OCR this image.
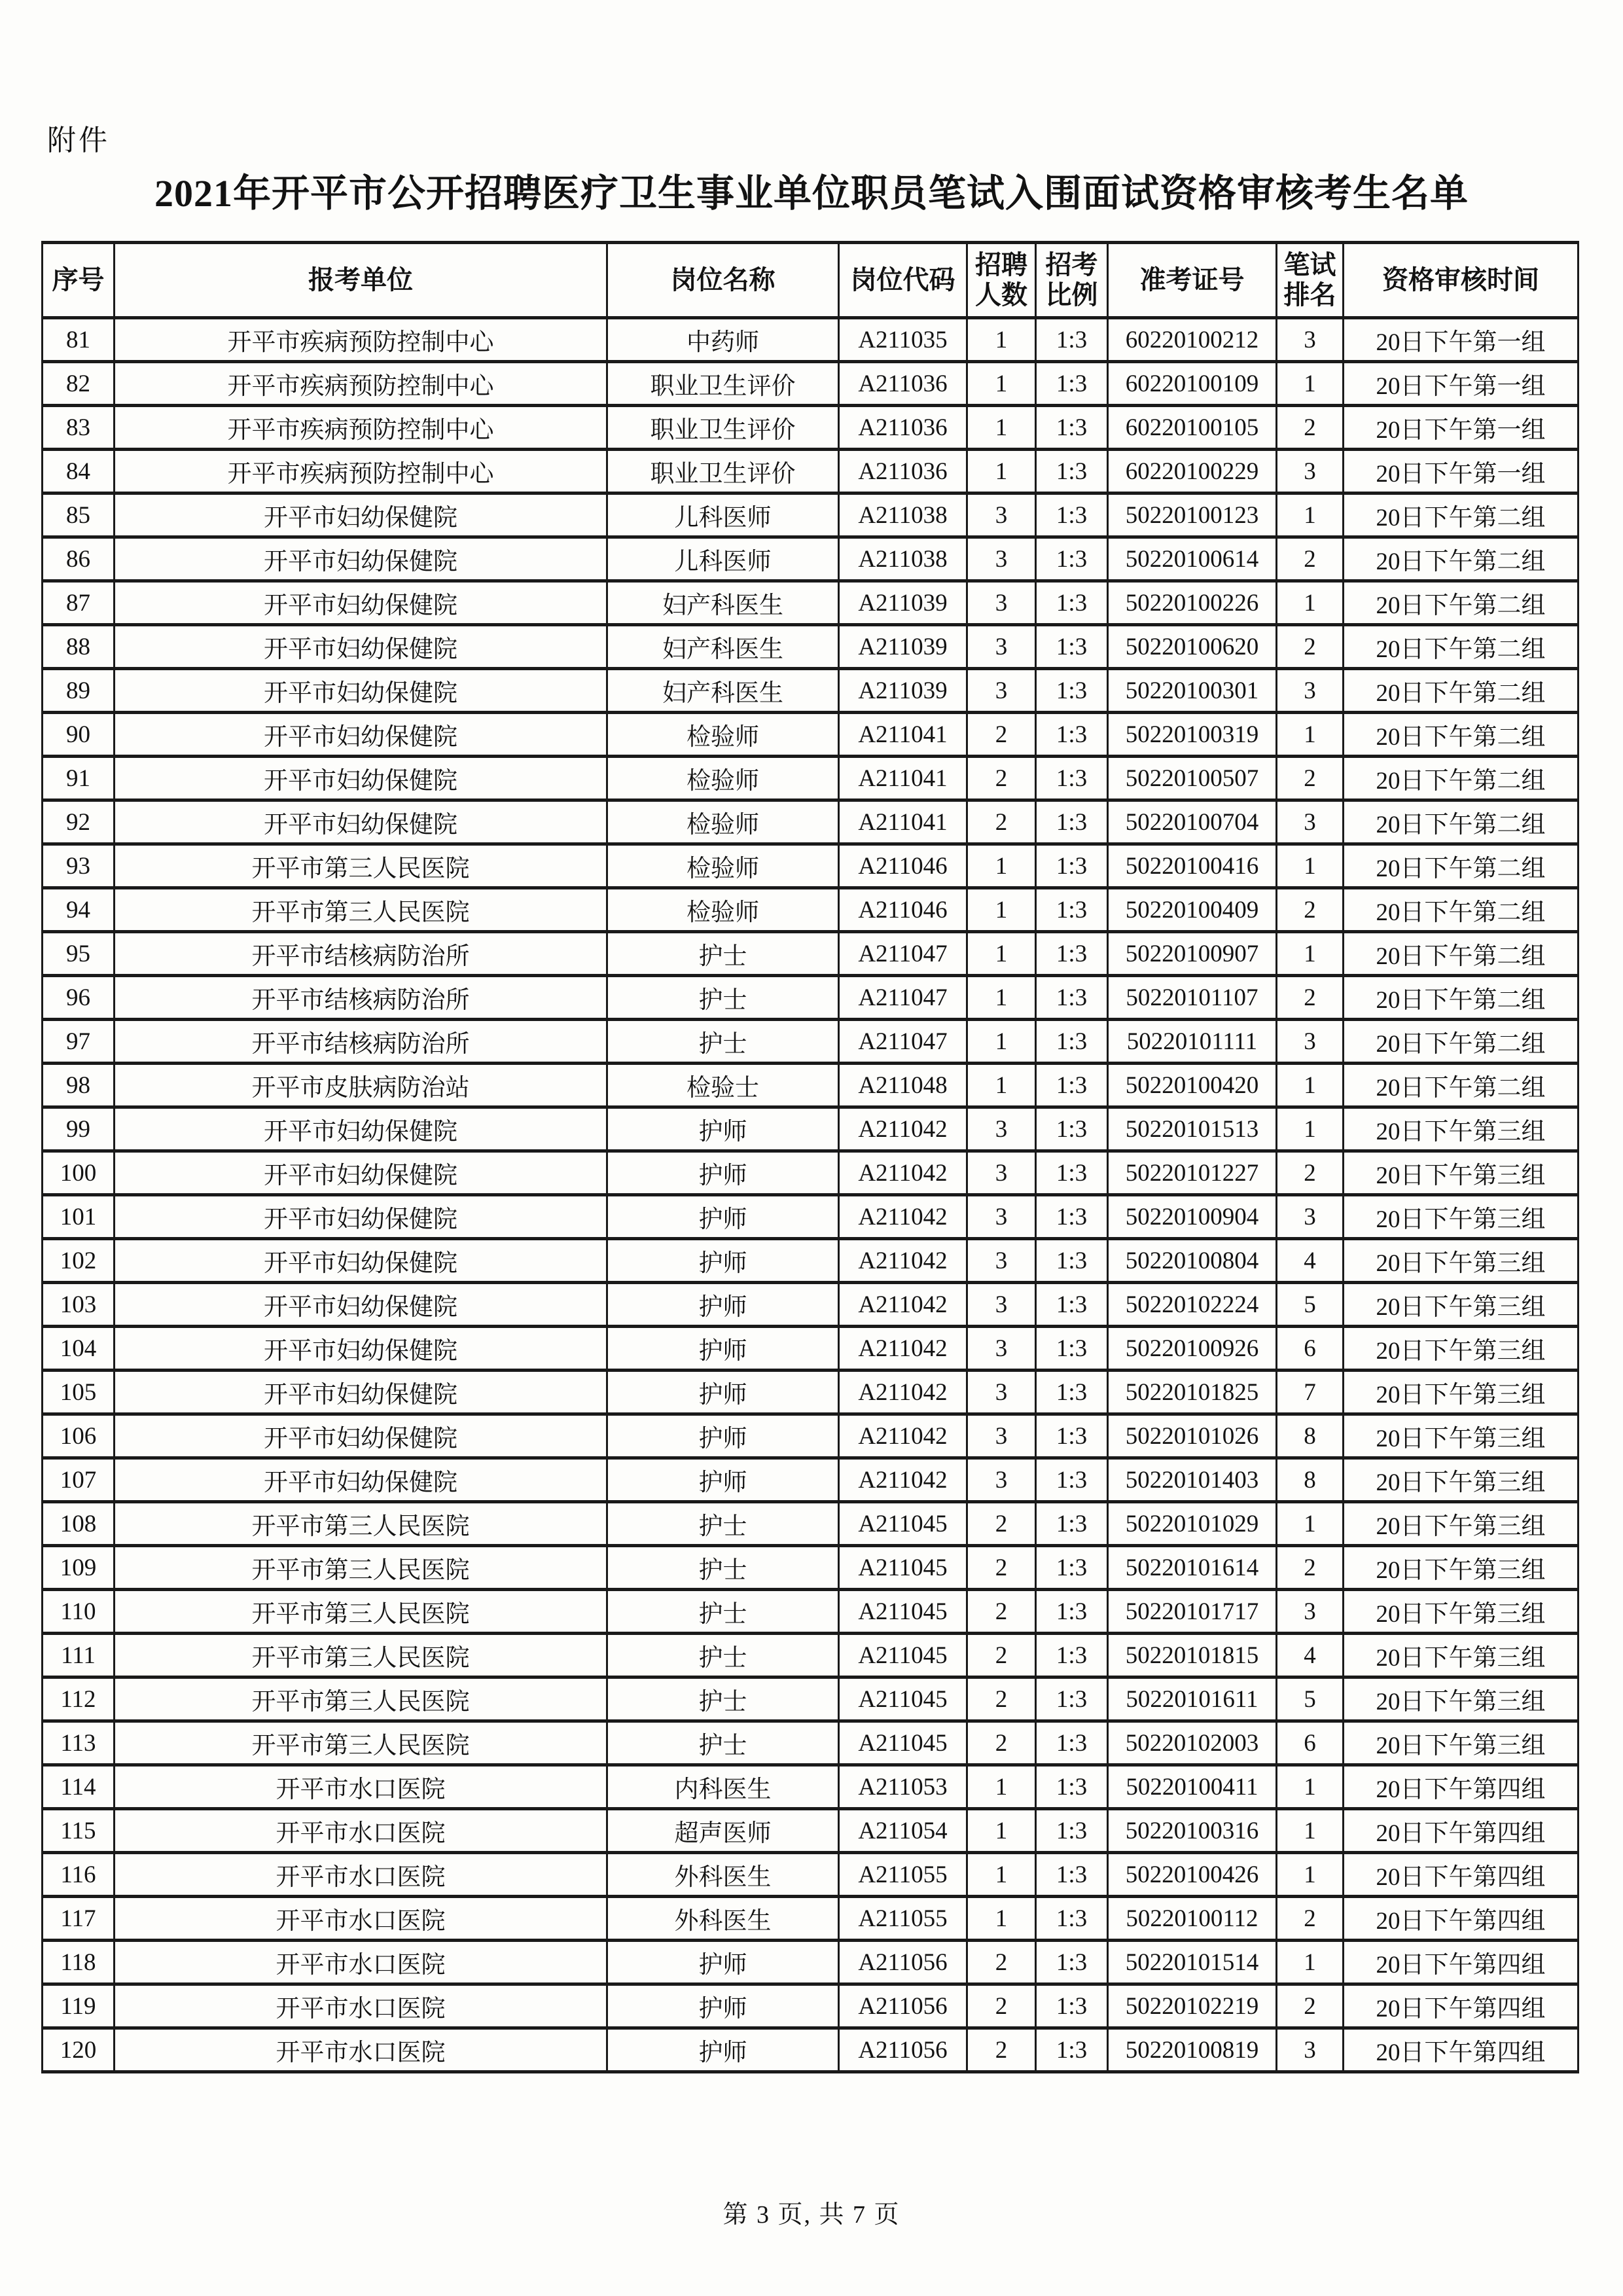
附件
2021年开平市公开招聘医疗卫生事业单位职员笔试入围面试资格审核考生名单
序号	报考单位	岗位名称	岗位代码	招聘人数	招考比例	准考证号	笔试排名	资格审核时间
81	开平市疾病预防控制中心	中药师	A211035	1	1:3	60220100212	3	20日下午第一组
82	开平市疾病预防控制中心	职业卫生评价	A211036	1	1:3	60220100109	1	20日下午第一组
83	开平市疾病预防控制中心	职业卫生评价	A211036	1	1:3	60220100105	2	20日下午第一组
84	开平市疾病预防控制中心	职业卫生评价	A211036	1	1:3	60220100229	3	20日下午第一组
85	开平市妇幼保健院	儿科医师	A211038	3	1:3	50220100123	1	20日下午第二组
86	开平市妇幼保健院	儿科医师	A211038	3	1:3	50220100614	2	20日下午第二组
87	开平市妇幼保健院	妇产科医生	A211039	3	1:3	50220100226	1	20日下午第二组
88	开平市妇幼保健院	妇产科医生	A211039	3	1:3	50220100620	2	20日下午第二组
89	开平市妇幼保健院	妇产科医生	A211039	3	1:3	50220100301	3	20日下午第二组
90	开平市妇幼保健院	检验师	A211041	2	1:3	50220100319	1	20日下午第二组
91	开平市妇幼保健院	检验师	A211041	2	1:3	50220100507	2	20日下午第二组
92	开平市妇幼保健院	检验师	A211041	2	1:3	50220100704	3	20日下午第二组
93	开平市第三人民医院	检验师	A211046	1	1:3	50220100416	1	20日下午第二组
94	开平市第三人民医院	检验师	A211046	1	1:3	50220100409	2	20日下午第二组
95	开平市结核病防治所	护士	A211047	1	1:3	50220100907	1	20日下午第二组
96	开平市结核病防治所	护士	A211047	1	1:3	50220101107	2	20日下午第二组
97	开平市结核病防治所	护士	A211047	1	1:3	50220101111	3	20日下午第二组
98	开平市皮肤病防治站	检验士	A211048	1	1:3	50220100420	1	20日下午第二组
99	开平市妇幼保健院	护师	A211042	3	1:3	50220101513	1	20日下午第三组
100	开平市妇幼保健院	护师	A211042	3	1:3	50220101227	2	20日下午第三组
101	开平市妇幼保健院	护师	A211042	3	1:3	50220100904	3	20日下午第三组
102	开平市妇幼保健院	护师	A211042	3	1:3	50220100804	4	20日下午第三组
103	开平市妇幼保健院	护师	A211042	3	1:3	50220102224	5	20日下午第三组
104	开平市妇幼保健院	护师	A211042	3	1:3	50220100926	6	20日下午第三组
105	开平市妇幼保健院	护师	A211042	3	1:3	50220101825	7	20日下午第三组
106	开平市妇幼保健院	护师	A211042	3	1:3	50220101026	8	20日下午第三组
107	开平市妇幼保健院	护师	A211042	3	1:3	50220101403	8	20日下午第三组
108	开平市第三人民医院	护士	A211045	2	1:3	50220101029	1	20日下午第三组
109	开平市第三人民医院	护士	A211045	2	1:3	50220101614	2	20日下午第三组
110	开平市第三人民医院	护士	A211045	2	1:3	50220101717	3	20日下午第三组
111	开平市第三人民医院	护士	A211045	2	1:3	50220101815	4	20日下午第三组
112	开平市第三人民医院	护士	A211045	2	1:3	50220101611	5	20日下午第三组
113	开平市第三人民医院	护士	A211045	2	1:3	50220102003	6	20日下午第三组
114	开平市水口医院	内科医生	A211053	1	1:3	50220100411	1	20日下午第四组
115	开平市水口医院	超声医师	A211054	1	1:3	50220100316	1	20日下午第四组
116	开平市水口医院	外科医生	A211055	1	1:3	50220100426	1	20日下午第四组
117	开平市水口医院	外科医生	A211055	1	1:3	50220100112	2	20日下午第四组
118	开平市水口医院	护师	A211056	2	1:3	50220101514	1	20日下午第四组
119	开平市水口医院	护师	A211056	2	1:3	50220102219	2	20日下午第四组
120	开平市水口医院	护师	A211056	2	1:3	50220100819	3	20日下午第四组
第 3 页, 共 7 页
